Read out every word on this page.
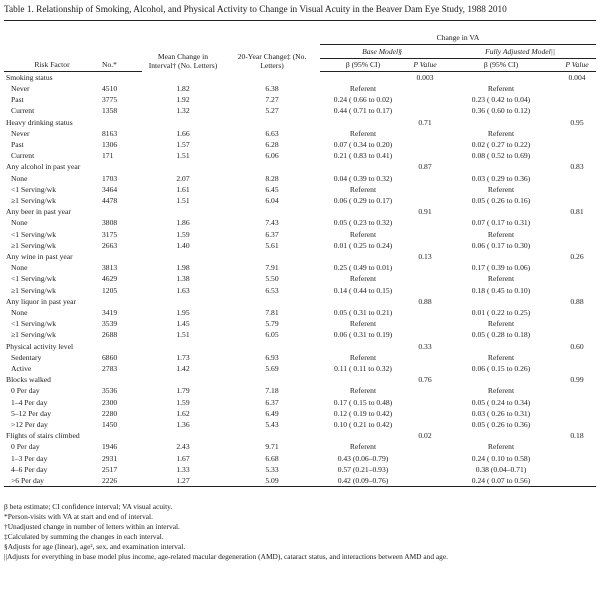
Table 1. Relationship of Smoking, Alcohol, and Physical Activity to Change in Visual Acuity in the Beaver Dam Eye Study, 1988 2010

				Change in VA			
		Mean Change in Interval† (No. Letters)	20-Year Change‡ (No. Letters)	Base Model§		Fully Adjusted Model||	
Risk Factor	No.*			β (95% CI)	P Value	β (95% CI)	P Value
Smoking status					0.003		0.004
Never	4510	1.82	6.38	Referent		Referent	
Past	3775	1.92	7.27	0.24 ( 0.66 to 0.02)		0.23 ( 0.42 to 0.04)	
Current	1358	1.32	5.27	0.44 ( 0.71 to 0.17)		0.36 ( 0.60 to 0.12)	
Heavy drinking status					0.71		0.95
Never	8163	1.66	6.63	Referent		Referent	
Past	1306	1.57	6.28	0.07 ( 0.34 to 0.20)		0.02 ( 0.27 to 0.22)	
Current	171	1.51	6.06	0.21 ( 0.83 to 0.41)		0.08 ( 0.52 to 0.69)	
Any alcohol in past year					0.87		0.83
None	1703	2.07	8.28	0.04 ( 0.39 to 0.32)		0.03 ( 0.29 to 0.36)	
<1 Serving/wk	3464	1.61	6.45	Referent		Referent	
≥1 Serving/wk	4478	1.51	6.04	0.06 ( 0.29 to 0.17)		0.05 ( 0.26 to 0.16)	
Any beer in past year					0.91		0.81
None	3808	1.86	7.43	0.05 ( 0.23 to 0.32)		0.07 ( 0.17 to 0.31)	
<1 Serving/wk	3175	1.59	6.37	Referent		Referent	
≥1 Serving/wk	2663	1.40	5.61	0.01 ( 0.25 to 0.24)		0.06 ( 0.17 to 0.30)	
Any wine in past year					0.13		0.26
None	3813	1.98	7.91	0.25 ( 0.49 to 0.01)		0.17 ( 0.39 to 0.06)	
<1 Serving/wk	4629	1.38	5.50	Referent		Referent	
≥1 Serving/wk	1205	1.63	6.53	0.14 ( 0.44 to 0.15)		0.18 ( 0.45 to 0.10)	
Any liquor in past year					0.88		0.88
None	3419	1.95	7.81	0.05 ( 0.31 to 0.21)		0.01 ( 0.22 to 0.25)	
<1 Serving/wk	3539	1.45	5.79	Referent		Referent	
≥1 Serving/wk	2688	1.51	6.05	0.06 ( 0.31 to 0.19)		0.05 ( 0.28 to 0.18)	
Physical activity level					0.33		0.60
Sedentary	6860	1.73	6.93	Referent		Referent	
Active	2783	1.42	5.69	0.11 ( 0.11 to 0.32)		0.06 ( 0.15 to 0.26)	
Blocks walked					0.76		0.99
0 Per day	3536	1.79	7.18	Referent		Referent	
1–4 Per day	2300	1.59	6.37	0.17 ( 0.15 to 0.48)		0.05 ( 0.24 to 0.34)	
5–12 Per day	2280	1.62	6.49	0.12 ( 0.19 to 0.42)		0.03 ( 0.26 to 0.31)	
>12 Per day	1450	1.36	5.43	0.10 ( 0.21 to 0.42)		0.05 ( 0.26 to 0.36)	
Flights of stairs climbed					0.02		0.18
0 Per day	1946	2.43	9.71	Referent		Referent	
1–3 Per day	2931	1.67	6.68	0.43 (0.06–0.79)		0.24 ( 0.10 to 0.58)	
4–6 Per day	2517	1.33	5.33	0.57 (0.21–0.93)		0.38 (0.04–0.71)	
>6 Per day	2226	1.27	5.09	0.42 (0.09–0.76)		0.24 ( 0.07 to 0.56)	

β beta estimate; CI confidence interval; VA visual acuity.
*Person-visits with VA at start and end of interval.
†Unadjusted change in number of letters within an interval.
‡Calculated by summing the changes in each interval.
§Adjusts for age (linear), age², sex, and examination interval.
||Adjusts for everything in base model plus income, age-related macular degeneration (AMD), cataract status, and interactions between AMD and age.
